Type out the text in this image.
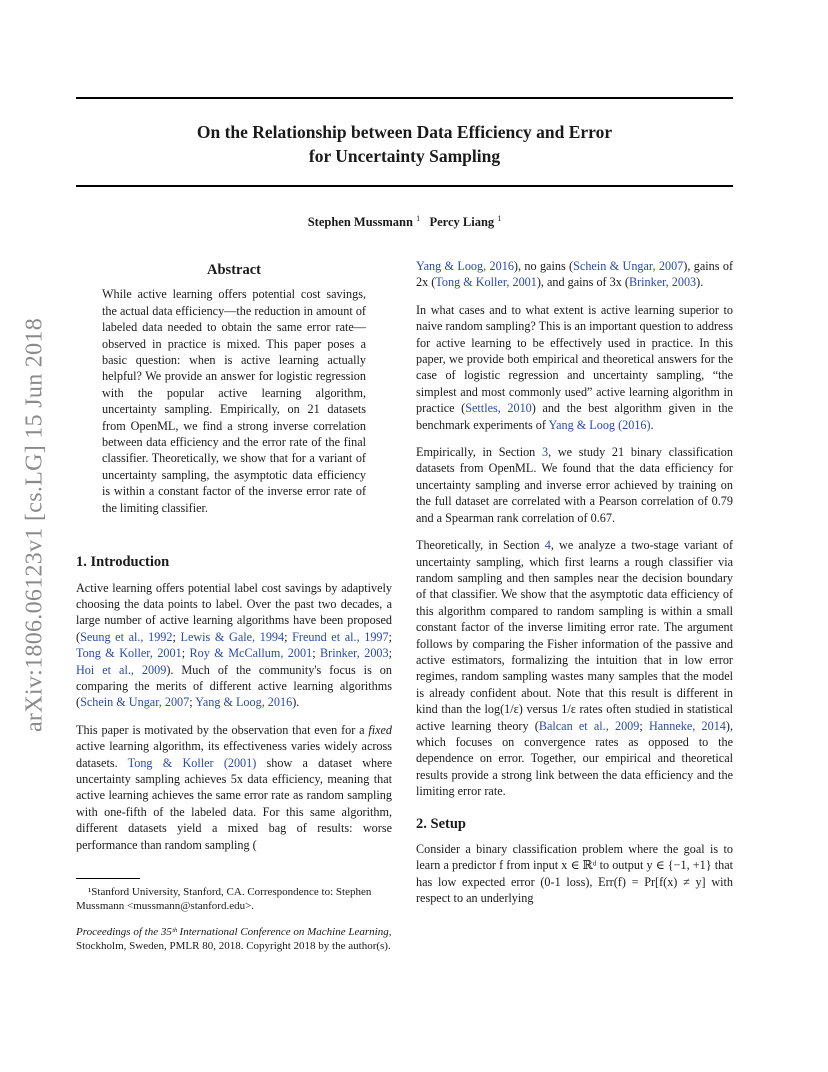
On the Relationship between Data Efficiency and Error
for Uncertainty Sampling
Stephen Mussmann $^1$ Percy Liang $^1$
arXiv:1806.06123v1 [cs.LG] 15 Jun 2018
Abstract

While active learning offers potential cost savings, the actual data efficiency—the reduction in amount of labeled data needed to obtain the same error rate—observed in practice is mixed. This paper poses a basic question: when is active learning actually helpful? We provide an answer for logistic regression with the popular active learning algorithm, uncertainty sampling. Empirically, on 21 datasets from OpenML, we find a strong inverse correlation between data efficiency and the error rate of the final classifier. Theoretically, we show that for a variant of uncertainty sampling, the asymptotic data efficiency is within a constant factor of the inverse error rate of the limiting classifier.

1. Introduction

Active learning offers potential label cost savings by adaptively choosing the data points to label. Over the past two decades, a large number of active learning algorithms have been proposed (Seung et al., 1992; Lewis & Gale, 1994; Freund et al., 1997; Tong & Koller, 2001; Roy & McCallum, 2001; Brinker, 2003; Hoi et al., 2009). Much of the community's focus is on comparing the merits of different active learning algorithms (Schein & Ungar, 2007; Yang & Loog, 2016).

This paper is motivated by the observation that even for a fixed active learning algorithm, its effectiveness varies widely across datasets. Tong & Koller (2001) show a dataset where uncertainty sampling achieves 5x data efficiency, meaning that active learning achieves the same error rate as random sampling with one-fifth of the labeled data. For this same algorithm, different datasets yield a mixed bag of results: worse performance than random sampling (

¹Stanford University, Stanford, CA. Correspondence to: Stephen Mussmann <mussmann@stanford.edu>.

Proceedings of the 35ᵗʰ International Conference on Machine Learning, Stockholm, Sweden, PMLR 80, 2018. Copyright 2018 by the author(s).

Yang & Loog, 2016), no gains (Schein & Ungar, 2007), gains of 2x (Tong & Koller, 2001), and gains of 3x (Brinker, 2003).

In what cases and to what extent is active learning superior to naive random sampling? This is an important question to address for active learning to be effectively used in practice. In this paper, we provide both empirical and theoretical answers for the case of logistic regression and uncertainty sampling, “the simplest and most commonly used” active learning algorithm in practice (Settles, 2010) and the best algorithm given in the benchmark experiments of Yang & Loog (2016).

Empirically, in Section 3, we study 21 binary classification datasets from OpenML. We found that the data efficiency for uncertainty sampling and inverse error achieved by training on the full dataset are correlated with a Pearson correlation of 0.79 and a Spearman rank correlation of 0.67.

Theoretically, in Section 4, we analyze a two-stage variant of uncertainty sampling, which first learns a rough classifier via random sampling and then samples near the decision boundary of that classifier. We show that the asymptotic data efficiency of this algorithm compared to random sampling is within a small constant factor of the inverse limiting error rate. The argument follows by comparing the Fisher information of the passive and active estimators, formalizing the intuition that in low error regimes, random sampling wastes many samples that the model is already confident about. Note that this result is different in kind than the log(1/ε) versus 1/ε rates often studied in statistical active learning theory (Balcan et al., 2009; Hanneke, 2014), which focuses on convergence rates as opposed to the dependence on error. Together, our empirical and theoretical results provide a strong link between the data efficiency and the limiting error rate.

2. Setup

Consider a binary classification problem where the goal is to learn a predictor f from input x ∈ ℝᵈ to output y ∈ {−1, +1} that has low expected error (0-1 loss), Err(f) = Pr[f(x) ≠ y] with respect to an underlying
